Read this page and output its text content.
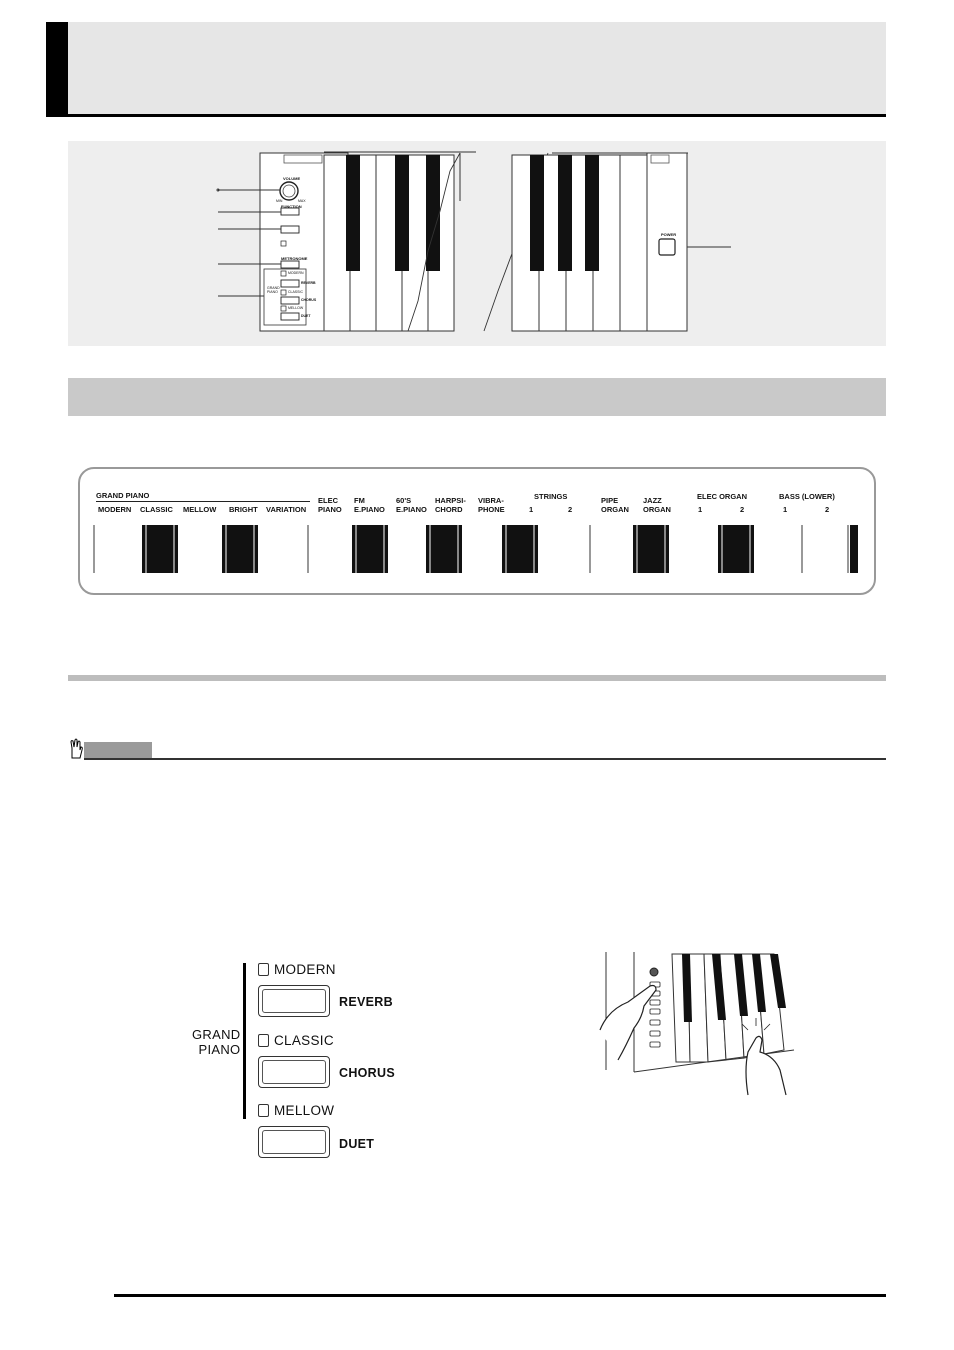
VOLUME
MIN	MAX
FUNCTION
METRONOME
POWER
GRAND
PIANO
MODERN
CLASSIC
MELLOW
REVERB
CHORUS
DUET
GRAND PIANO
MODERN CLASSIC MELLOW BRIGHT VARIATION
ELEC
PIANO
FM
E.PIANO
60'S
E.PIANO
HARPSI-
CHORD
VIBRA-
PHONE
STRINGS
1	2
PIPE
ORGAN
JAZZ
ORGAN
ELEC ORGAN
1	2
BASS (LOWER)
1	2
GRAND
PIANO
MODERN
REVERB
CLASSIC
CHORUS
MELLOW
DUET
